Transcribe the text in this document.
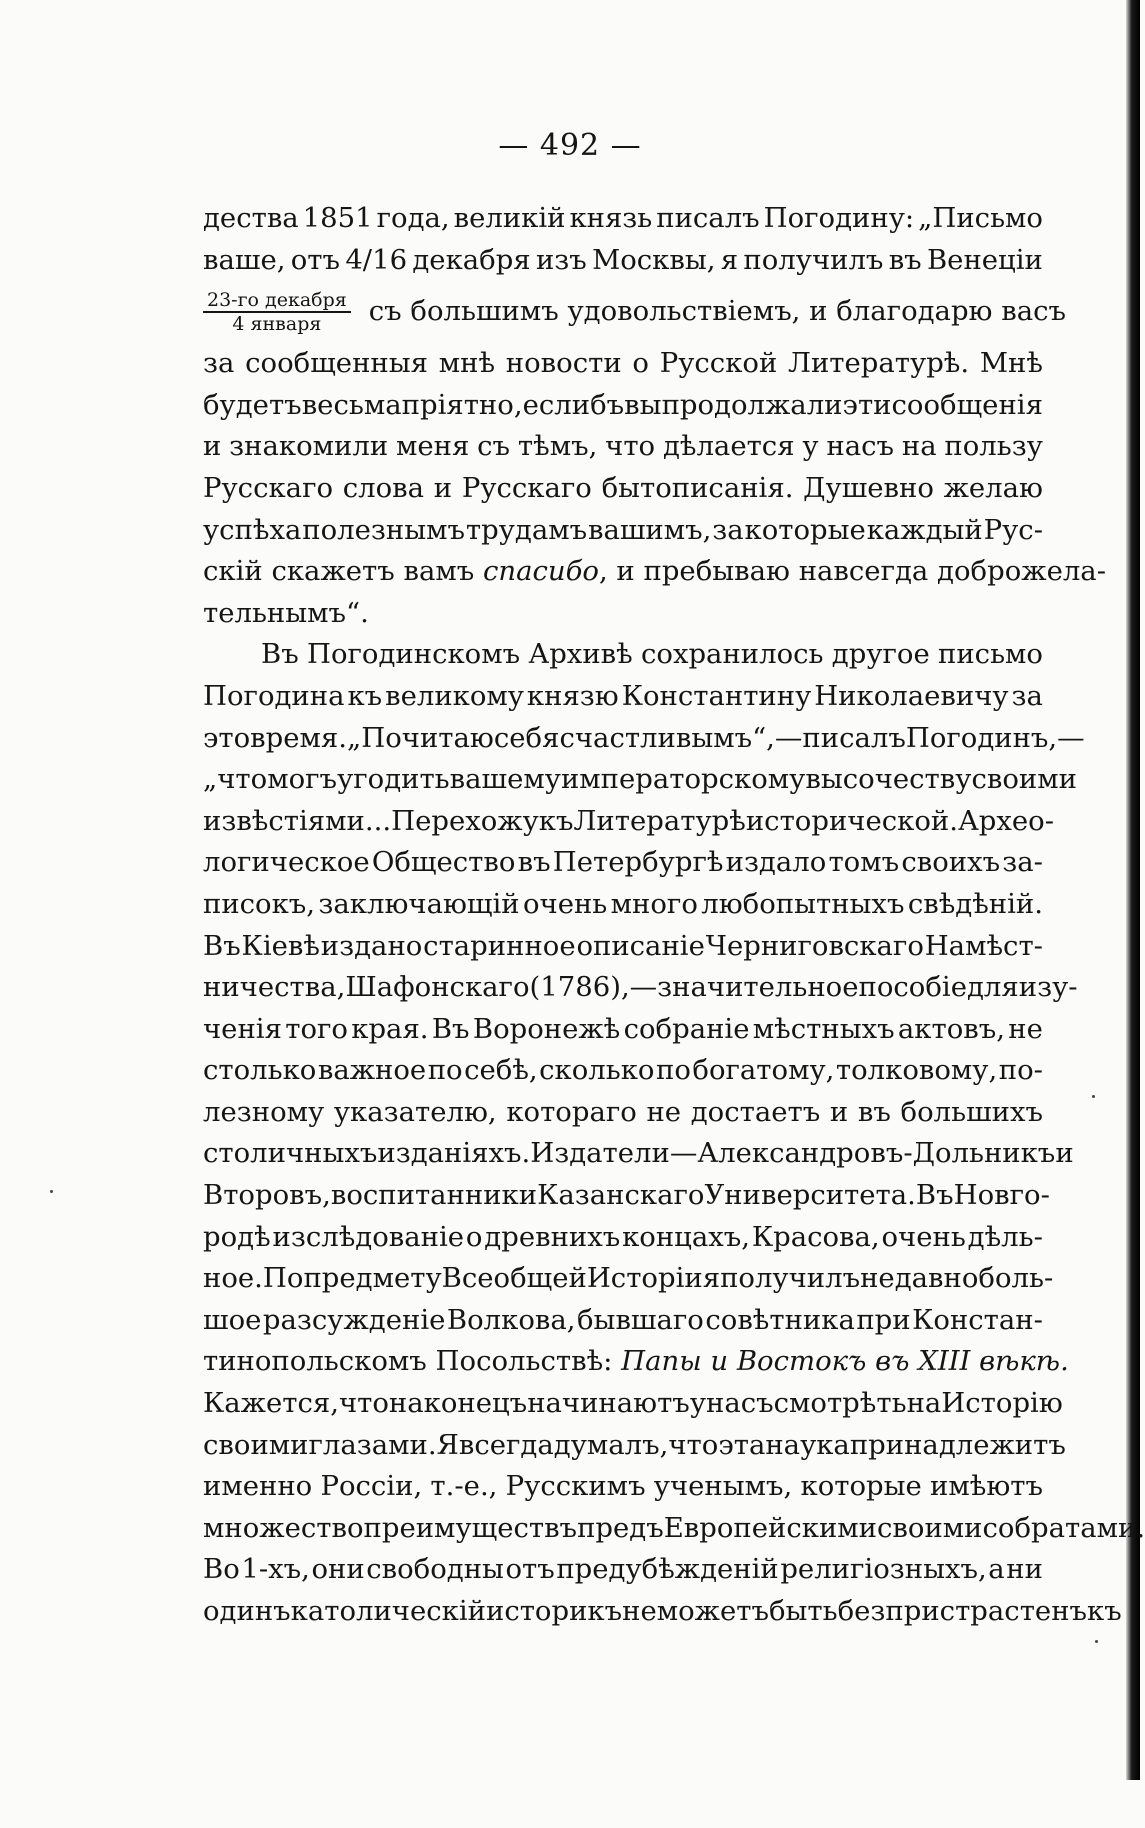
— 492 —
дества 1851 года, великій князь писалъ Погодину: „Письмо
ваше, отъ 4/16 декабря изъ Москвы, я получилъ въ Венеціи
$\frac{\text{23-го декабря}}{\text{4 января}}$ съ большимъ удовольствіемъ, и благодарю васъ
за сообщенныя мнѣ новости о Русской Литературѣ. Мнѣ
будетъ весьма пріятно, еслибъ вы продолжали эти сообщенія
и знакомили меня съ тѣмъ, что дѣлается у насъ на пользу
Русскаго слова и Русскаго бытописанія. Душевно желаю
успѣха полезнымъ трудамъ вашимъ, за которые каждый Рус-
скій скажетъ вамъ спасибо , и пребываю навсегда доброжела-
тельнымъ“.
Въ Погодинскомъ Архивѣ сохранилось другое письмо
Погодина къ великому князю Константину Николаевичу за
это время. „Почитаю себя счастливымъ“,—писалъ Погодинъ,—
„что могъ угодить вашему императорскому высочеству своими
извѣстіями... Перехожу къ Литературѣ исторической. Архео-
логическое Общество въ Петербургѣ издало томъ своихъ за-
писокъ, заключающій очень много любопытныхъ свѣдѣній.
Въ Кіевѣ издано старинное описаніе Черниговскаго Намѣст-
ничества, Шафонскаго (1786),—значительное пособіе для изу-
ченія того края. Въ Воронежѣ собраніе мѣстныхъ актовъ, не
столько важное по себѣ, сколько по богатому, толковому, по-
лезному указателю, котораго не достаетъ и въ большихъ
столичныхъ изданіяхъ. Издатели — Александровъ-Дольникъ и
Второвъ, воспитанники Казанскаго Университета. Въ Новго-
родѣ изслѣдованіе о древнихъ концахъ, Красова, очень дѣль-
ное. По предмету Всеобщей Исторіи я получилъ недавно боль-
шое разсужденіе Волкова, бывшаго совѣтника при Констан-
тинопольскомъ Посольствѣ: Папы и Востокъ въ XIII вѣкѣ.
Кажется, что наконецъ начинаютъ у насъ смотрѣть на Исторію
своими глазами. Я всегда думалъ, что эта наука принадлежитъ
именно Россіи, т.-е., Русскимъ ученымъ, которые имѣютъ
множество преимуществъ предъ Европейскими своими собратами.
Во 1-хъ, они свободны отъ предубѣжденій религіозныхъ, а ни
одинъ католическій историкъ не можетъ быть безпристрастенъ къ
